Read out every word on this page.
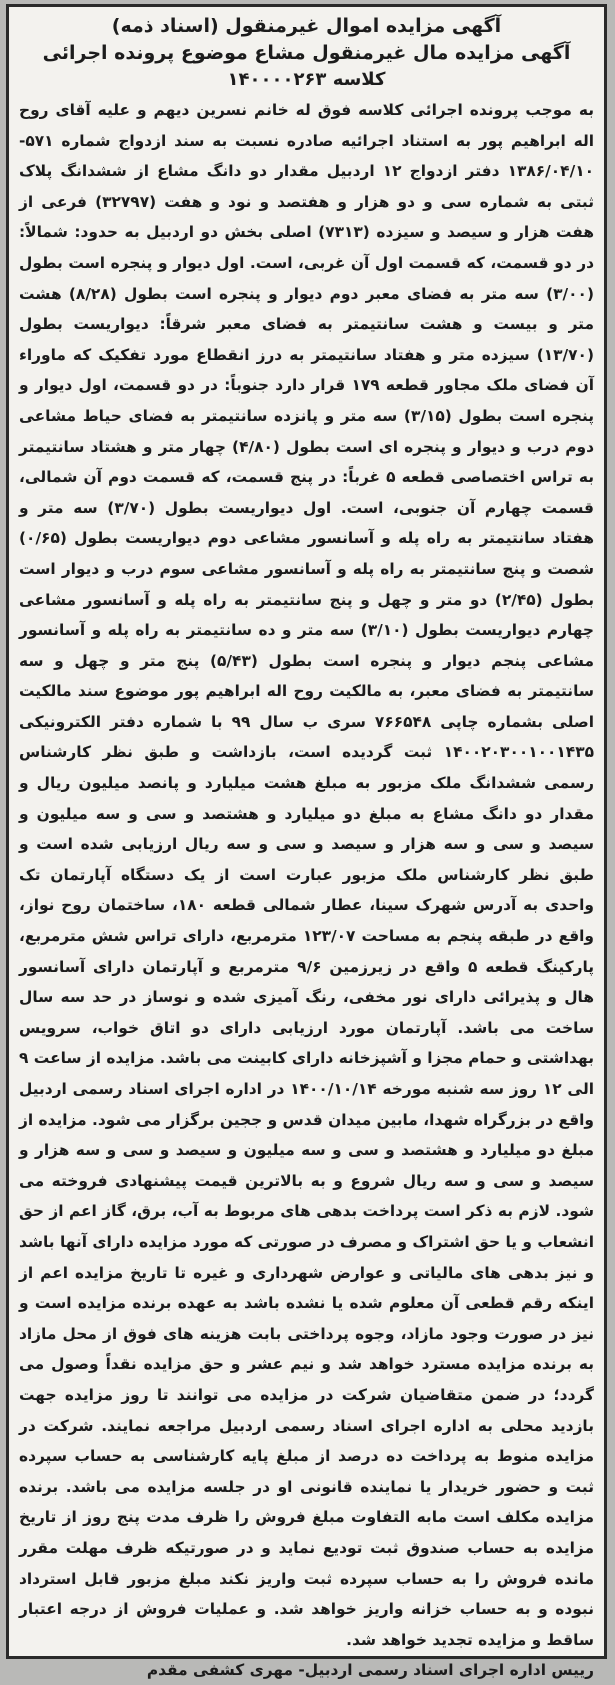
آگهی مزایده اموال غیرمنقول (اسناد ذمه)
آگهی مزایده مال غیرمنقول مشاع موضوع پرونده اجرائی
کلاسه ۱۴۰۰۰۰۲۶۳
به موجب پرونده اجرائی کلاسه فوق له خانم نسرین دیهم و علیه آقای روح اله ابراهیم پور به استناد اجرائیه صادره نسبت به سند ازدواج شماره ۵۷۱- ۱۳۸۶/۰۴/۱۰ دفتر ازدواج ۱۲ اردبیل مقدار دو دانگ مشاع از ششدانگ پلاک ثبتی به شماره سی و دو هزار و هفتصد و نود و هفت (۳۲۷۹۷) فرعی از هفت هزار و سیصد و سیزده (۷۳۱۳) اصلی بخش دو اردبیل به حدود: شمالاً: در دو قسمت، که قسمت اول آن غربی، است. اول دیوار و پنجره است بطول (۳/۰۰) سه متر به فضای معبر دوم دیوار و پنجره است بطول (۸/۲۸) هشت متر و بیست و هشت سانتیمتر به فضای معبر شرقاً: دیواریست بطول (۱۳/۷۰) سیزده متر و هفتاد سانتیمتر به درز انقطاع مورد تفکیک که ماوراء آن فضای ملک مجاور قطعه ۱۷۹ قرار دارد جنوباً: در دو قسمت، اول دیوار و پنجره است بطول (۳/۱۵) سه متر و پانزده سانتیمتر به فضای حیاط مشاعی دوم درب و دیوار و پنجره ای است بطول (۴/۸۰) چهار متر و هشتاد سانتیمتر به تراس اختصاصی قطعه ۵ غرباً: در پنج قسمت، که قسمت دوم آن شمالی، قسمت چهارم آن جنوبی، است. اول دیواریست بطول (۳/۷۰) سه متر و هفتاد سانتیمتر به راه پله و آسانسور مشاعی دوم دیواریست بطول (۰/۶۵) شصت و پنج سانتیمتر به راه پله و آسانسور مشاعی سوم درب و دیوار است بطول (۲/۴۵) دو متر و چهل و پنج سانتیمتر به راه پله و آسانسور مشاعی چهارم دیواریست بطول (۳/۱۰) سه متر و ده سانتیمتر به راه پله و آسانسور مشاعی پنجم دیوار و پنجره است بطول (۵/۴۳) پنج متر و چهل و سه سانتیمتر به فضای معبر، به مالکیت روح اله ابراهیم پور موضوع سند مالکیت اصلی بشماره چاپی ۷۶۶۵۴۸ سری ب سال ۹۹ با شماره دفتر الکترونیکی ۱۴۰۰۲۰۳۰۰۱۰۰۱۴۳۵ ثبت گردیده است، بازداشت و طبق نظر کارشناس رسمی ششدانگ ملک مزبور به مبلغ هشت میلیارد و پانصد میلیون ریال و مقدار دو دانگ مشاع به مبلغ دو میلیارد و هشتصد و سی و سه میلیون و سیصد و سی و سه هزار و سیصد و سی و سه ریال ارزیابی شده است و طبق نظر کارشناس ملک مزبور عبارت است از یک دستگاه آپارتمان تک واحدی به آدرس شهرک سینا، عطار شمالی قطعه ۱۸۰، ساختمان روح نواز، واقع در طبقه پنجم به مساحت ۱۲۳/۰۷ مترمربع، دارای تراس شش مترمربع، پارکینگ قطعه ۵ واقع در زیرزمین ۹/۶ مترمربع و آپارتمان دارای آسانسور هال و پذیرائی دارای نور مخفی، رنگ آمیزی شده و نوساز در حد سه سال ساخت می باشد. آپارتمان مورد ارزیابی دارای دو اتاق خواب، سرویس بهداشتی و حمام مجزا و آشپزخانه دارای کابینت می باشد. مزایده از ساعت ۹ الی ۱۲ روز سه شنبه مورخه ۱۴۰۰/۱۰/۱۴ در اداره اجرای اسناد رسمی اردبیل واقع در بزرگراه شهدا، مابین میدان قدس و ججین برگزار می شود. مزایده از مبلغ دو میلیارد و هشتصد و سی و سه میلیون و سیصد و سی و سه هزار و سیصد و سی و سه ریال شروع و به بالاترین قیمت پیشنهادی فروخته می شود. لازم به ذکر است پرداخت بدهی های مربوط به آب، برق، گاز اعم از حق انشعاب و یا حق اشتراک و مصرف در صورتی که مورد مزایده دارای آنها باشد و نیز بدهی های مالیاتی و عوارض شهرداری و غیره تا تاریخ مزایده اعم از اینکه رقم قطعی آن معلوم شده یا نشده باشد به عهده برنده مزایده است و نیز در صورت وجود مازاد، وجوه پرداختی بابت هزینه های فوق از محل مازاد به برنده مزایده مسترد خواهد شد و نیم عشر و حق مزایده نقداً وصول می گردد؛ در ضمن متقاضیان شرکت در مزایده می توانند تا روز مزایده جهت بازدید محلی به اداره اجرای اسناد رسمی اردبیل مراجعه نمایند. شرکت در مزایده منوط به پرداخت ده درصد از مبلغ پایه کارشناسی به حساب سپرده ثبت و حضور خریدار یا نماینده قانونی او در جلسه مزایده می باشد. برنده مزایده مکلف است مابه التفاوت مبلغ فروش را ظرف مدت پنج روز از تاریخ مزایده به حساب صندوق ثبت تودیع نماید و در صورتیکه ظرف مهلت مقرر مانده فروش را به حساب سپرده ثبت واریز نکند مبلغ مزبور قابل استرداد نبوده و به حساب خزانه واریز خواهد شد. و عملیات فروش از درجه اعتبار ساقط و مزایده تجدید خواهد شد.
رییس اداره اجرای اسناد رسمی اردبیل- مهری کشفی مقدم
